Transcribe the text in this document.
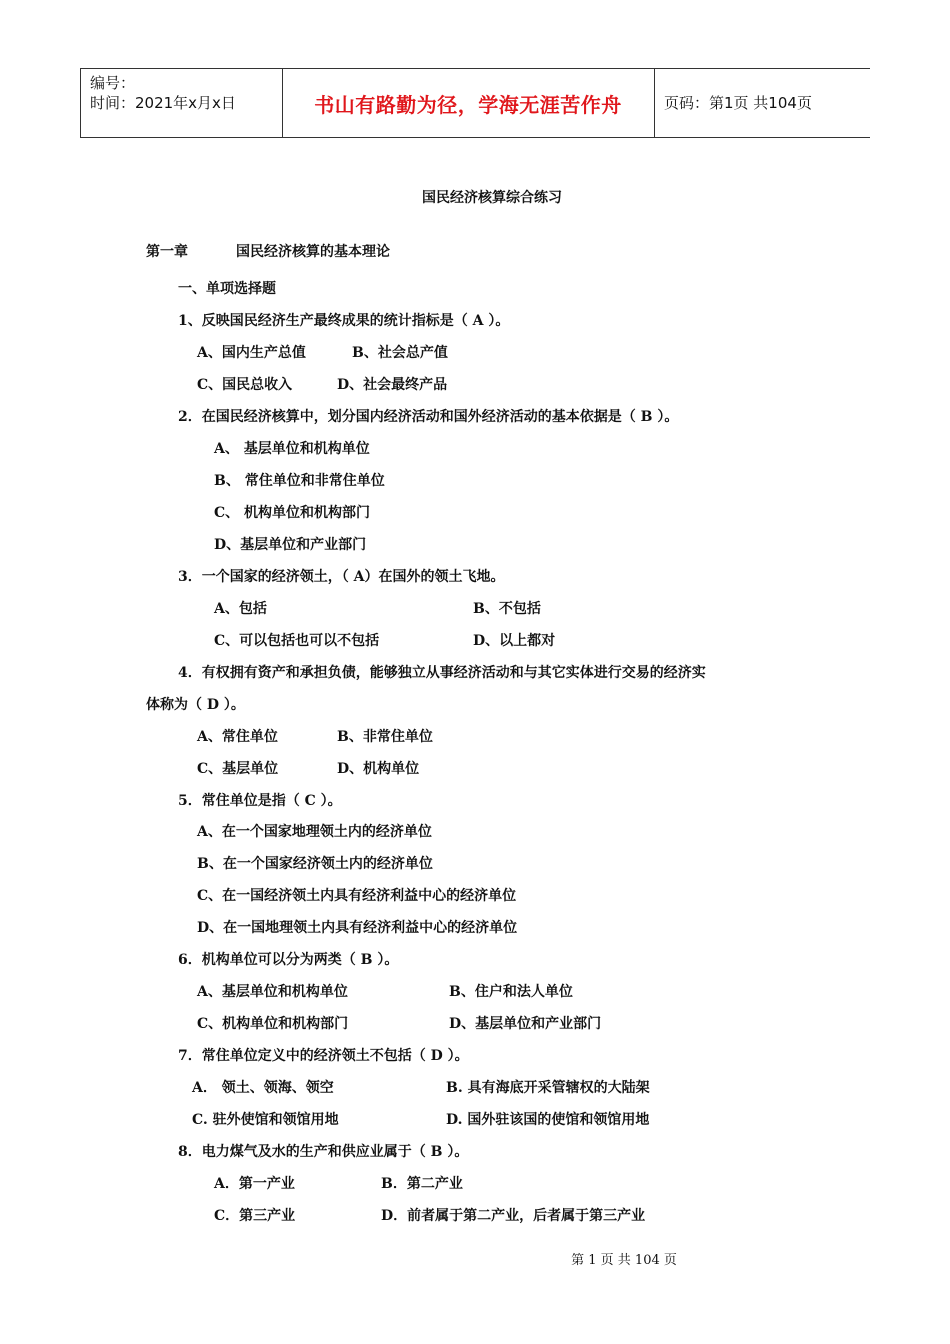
编号：
时间：2021年x月x日	书山有路勤为径，学海无涯苦作舟	页码：第1页 共104页
国民经济核算综合练习
第一章	国民经济核算的基本理论
一、单项选择题
1、反映国民经济生产最终成果的统计指标是（ A ）。
A、国内生产总值	B、社会总产值
C、国民总收入	D、社会最终产品
2．在国民经济核算中，划分国内经济活动和国外经济活动的基本依据是（ B ）。
A、 基层单位和机构单位
B、 常住单位和非常住单位
C、 机构单位和机构部门
D、基层单位和产业部门
3．一个国家的经济领土，（ A）在国外的领土飞地。
A、包括	B、不包括
C、可以包括也可以不包括	D、以上都对
4．有权拥有资产和承担负债，能够独立从事经济活动和与其它实体进行交易的经济实
体称为（ D ）。
A、常住单位	B、非常住单位
C、基层单位	D、机构单位
5．常住单位是指（ C ）。
A、在一个国家地理领土内的经济单位
B、在一个国家经济领土内的经济单位
C、在一国经济领土内具有经济利益中心的经济单位
D、在一国地理领土内具有经济利益中心的经济单位
6．机构单位可以分为两类（ B ）。
A、基层单位和机构单位	B、住户和法人单位
C、机构单位和机构部门	D、基层单位和产业部门
7．常住单位定义中的经济领土不包括（ D ）。
A． 领土、领海、领空	B. 具有海底开采管辖权的大陆架
C. 驻外使馆和领馆用地	D. 国外驻该国的使馆和领馆用地
8．电力煤气及水的生产和供应业属于（ B ）。
A．第一产业	B．第二产业
C．第三产业	D．前者属于第二产业，后者属于第三产业
第 1 页 共 104 页
